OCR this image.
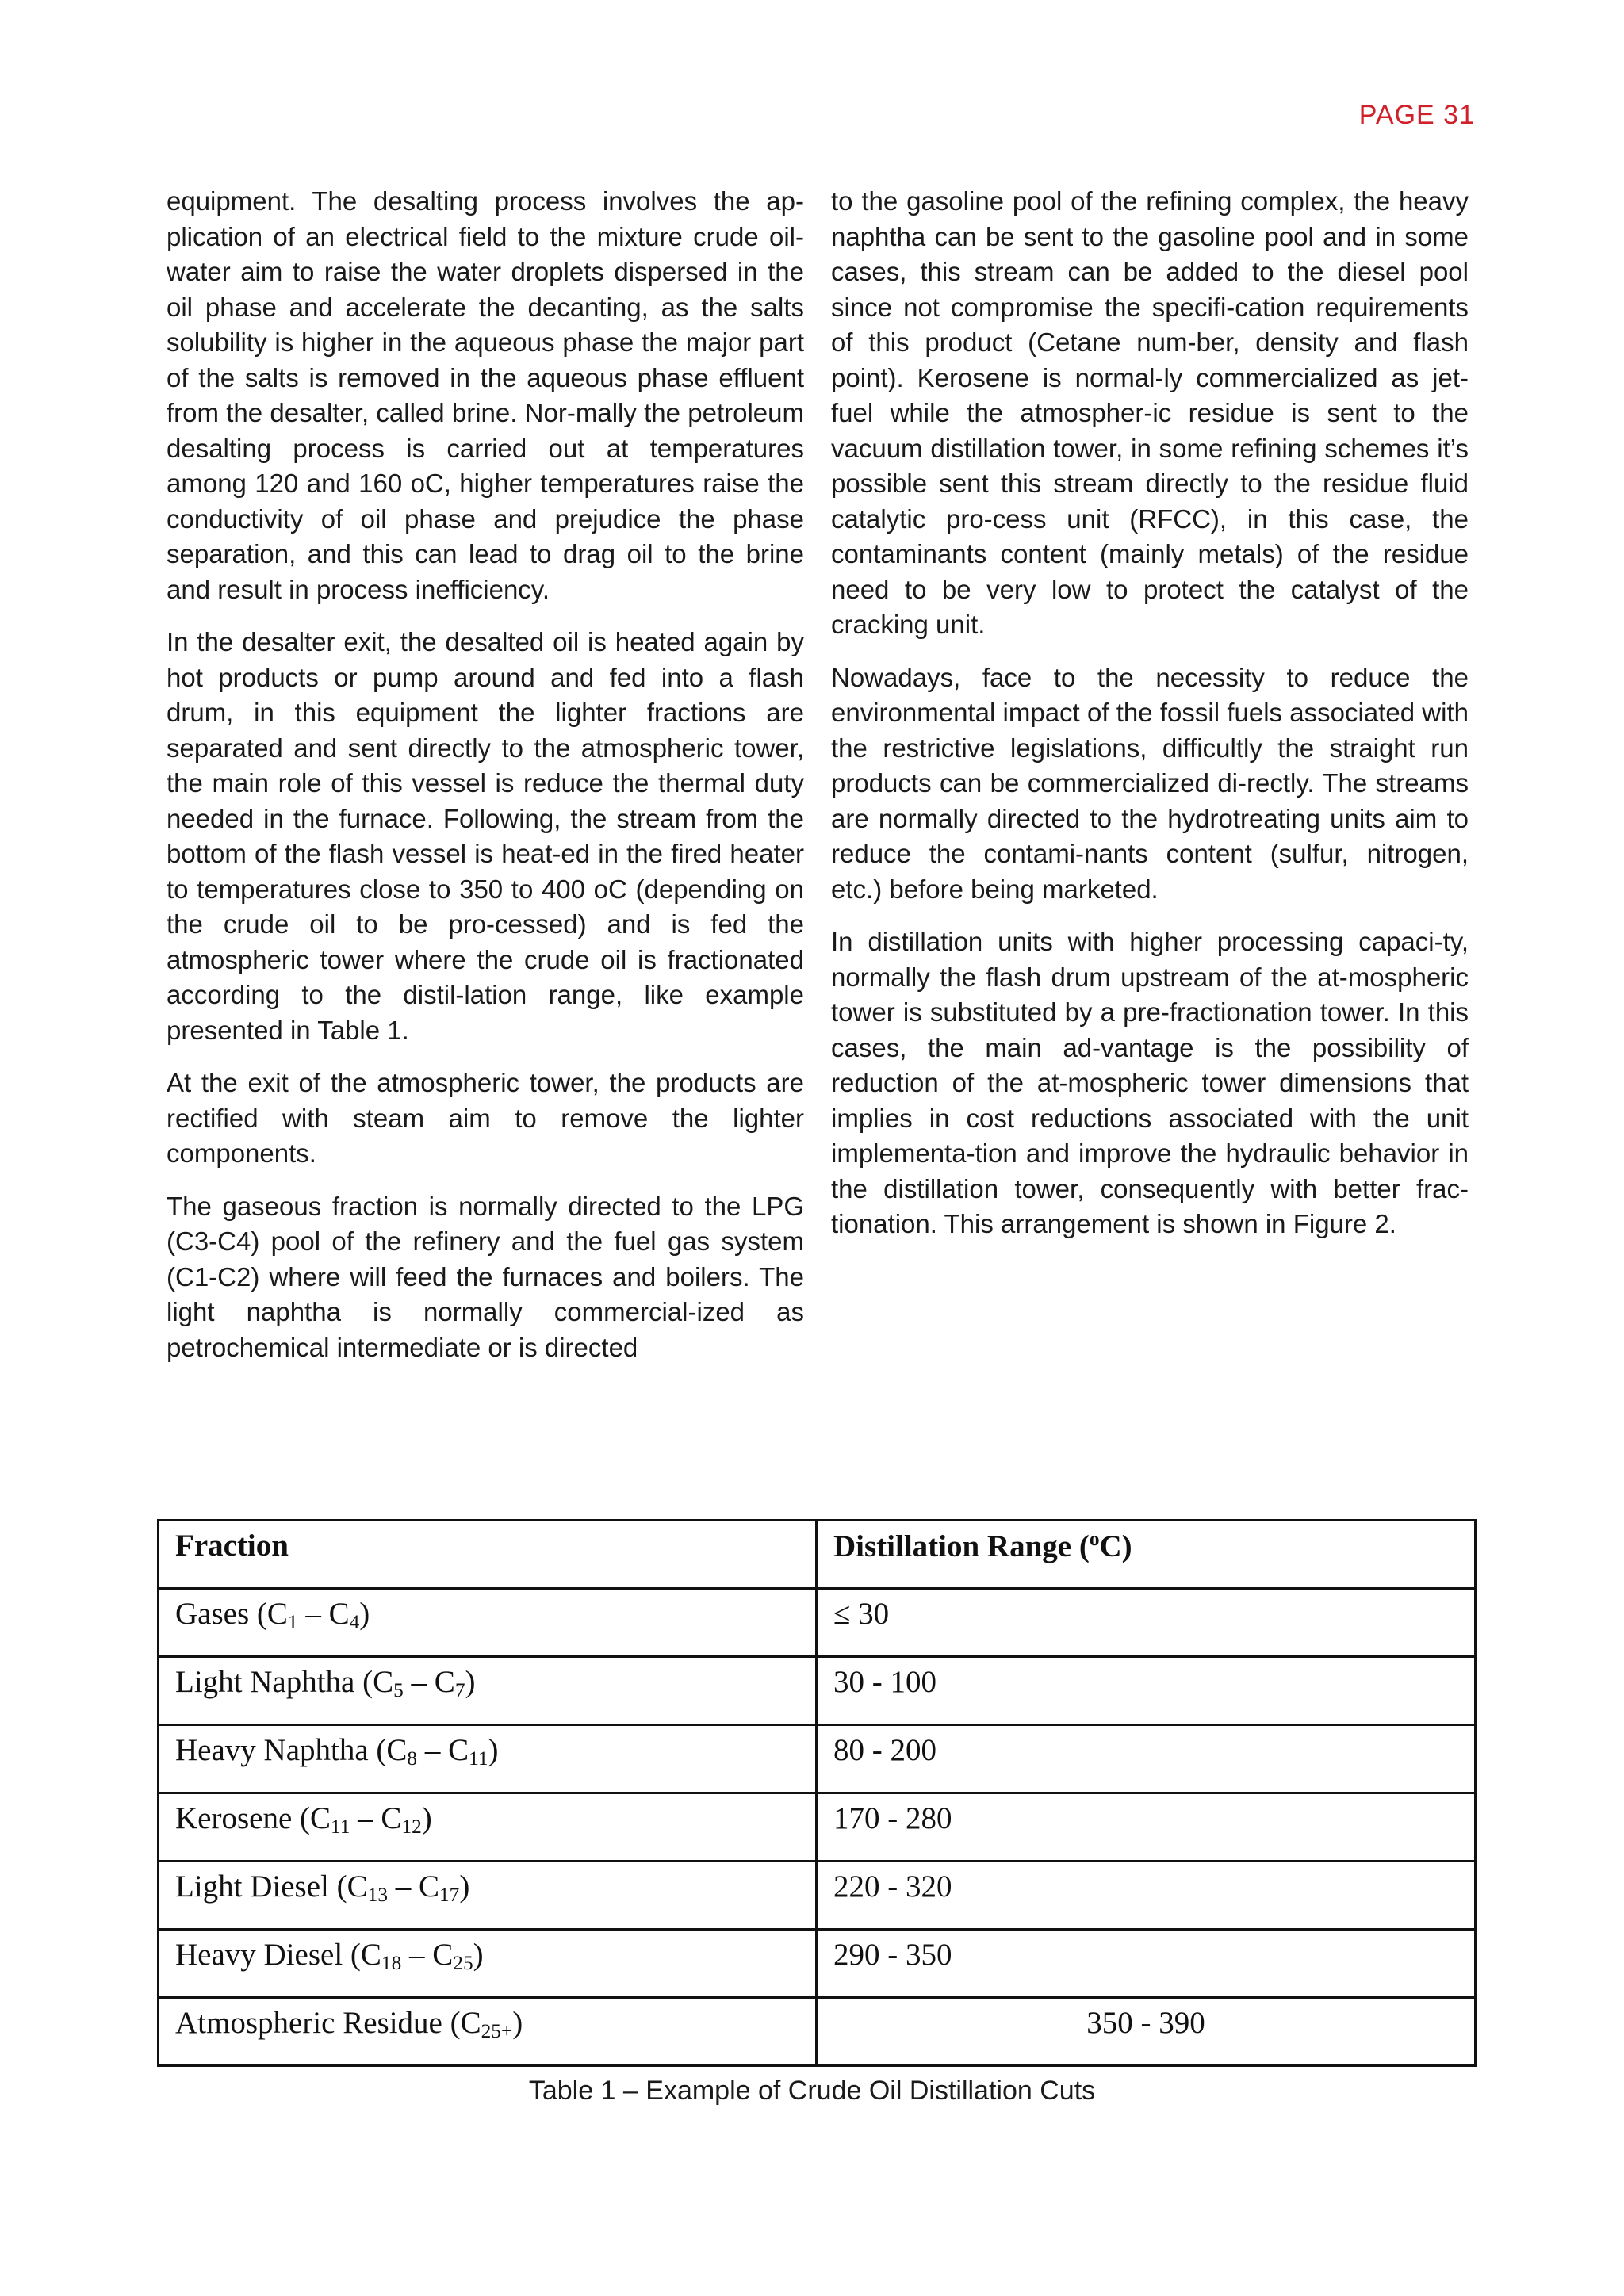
PAGE 31

equipment. The desalting process involves the ap-plication of an electrical field to the mixture crude oil-water aim to raise the water droplets dispersed in the oil phase and accelerate the decanting, as the salts solubility is higher in the aqueous phase the major part of the salts is removed in the aqueous phase effluent from the desalter, called brine. Nor-mally the petroleum desalting process is carried out at temperatures among 120 and 160 oC, higher temperatures raise the conductivity of oil phase and prejudice the phase separation, and this can lead to drag oil to the brine and result in process inefficiency.

In the desalter exit, the desalted oil is heated again by hot products or pump around and fed into a flash drum, in this equipment the lighter fractions are separated and sent directly to the atmospheric tower, the main role of this vessel is reduce the thermal duty needed in the furnace. Following, the stream from the bottom of the flash vessel is heat-ed in the fired heater to temperatures close to 350 to 400 oC (depending on the crude oil to be pro-cessed) and is fed the atmospheric tower where the crude oil is fractionated according to the distil-lation range, like example presented in Table 1.

At the exit of the atmospheric tower, the products are rectified with steam aim to remove the lighter components.

The gaseous fraction is normally directed to the LPG (C3-C4) pool of the refinery and the fuel gas system (C1-C2) where will feed the furnaces and boilers. The light naphtha is normally commercial-ized as petrochemical intermediate or is directed

to the gasoline pool of the refining complex, the heavy naphtha can be sent to the gasoline pool and in some cases, this stream can be added to the diesel pool since not compromise the specifi-cation requirements of this product (Cetane num-ber, density and flash point). Kerosene is normal-ly commercialized as jet-fuel while the atmospher-ic residue is sent to the vacuum distillation tower, in some refining schemes it’s possible sent this stream directly to the residue fluid catalytic pro-cess unit (RFCC), in this case, the contaminants content (mainly metals) of the residue need to be very low to protect the catalyst of the cracking unit.

Nowadays, face to the necessity to reduce the environmental impact of the fossil fuels associated with the restrictive legislations, difficultly the straight run products can be commercialized di-rectly. The streams are normally directed to the hydrotreating units aim to reduce the contami-nants content (sulfur, nitrogen, etc.) before being marketed.

In distillation units with higher processing capaci-ty, normally the flash drum upstream of the at-mospheric tower is substituted by a pre-fractionation tower. In this cases, the main ad-vantage is the possibility of reduction of the at-mospheric tower dimensions that implies in cost reductions associated with the unit implementa-tion and improve the hydraulic behavior in the distillation tower, consequently with better frac-tionation. This arrangement is shown in Figure 2.

Fraction	Distillation Range ($^o$C)
Gases $(C_1 - C_4)$	≤ 30
Light Naphtha $(C_5 - C_7)$	30 - 100
Heavy Naphtha $(C_8 - C_{11})$	80 - 200
Kerosene $(C_{11} - C_{12})$	170 - 280
Light Diesel $(C_{13} - C_{17})$	220 - 320
Heavy Diesel $(C_{18} - C_{25})$	290 - 350
Atmospheric Residue $(C_{25+})$	350 - 390
Table 1 – Example of Crude Oil Distillation Cuts
